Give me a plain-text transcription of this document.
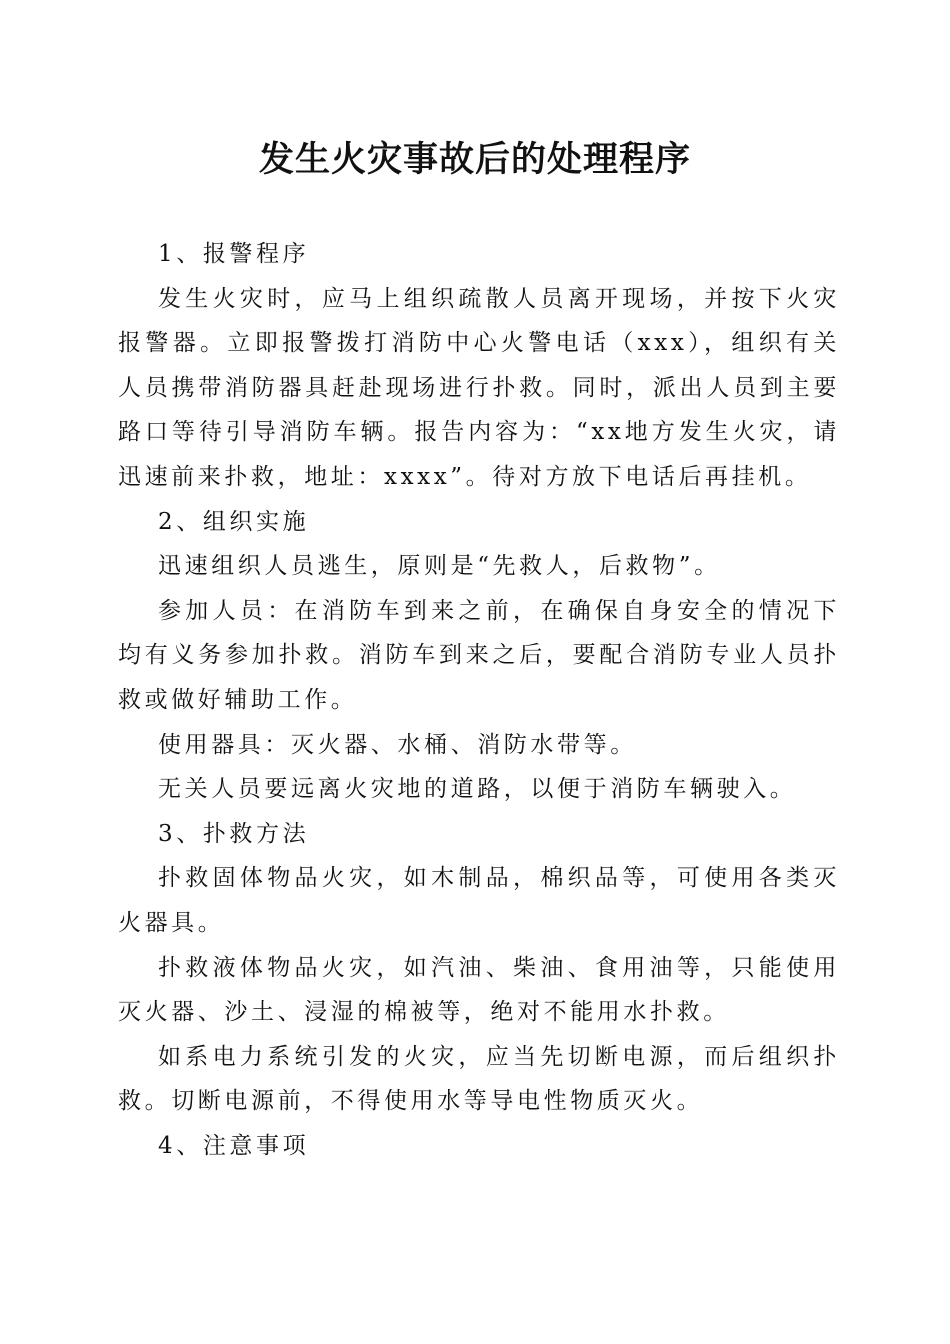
发生火灾事故后的处理程序

1、报警程序

发生火灾时，应马上组织疏散人员离开现场，并按下火灾报警器。立即报警拨打消防中心火警电话（xxx），组织有关人员携带消防器具赶赴现场进行扑救。同时，派出人员到主要路口等待引导消防车辆。报告内容为：“xx地方发生火灾，请迅速前来扑救，地址：xxxx”。待对方放下电话后再挂机。

2、组织实施

迅速组织人员逃生，原则是“先救人，后救物”。

参加人员：在消防车到来之前，在确保自身安全的情况下均有义务参加扑救。消防车到来之后，要配合消防专业人员扑救或做好辅助工作。

使用器具：灭火器、水桶、消防水带等。

无关人员要远离火灾地的道路，以便于消防车辆驶入。

3、扑救方法

扑救固体物品火灾，如木制品，棉织品等，可使用各类灭火器具。

扑救液体物品火灾，如汽油、柴油、食用油等，只能使用灭火器、沙土、浸湿的棉被等，绝对不能用水扑救。

如系电力系统引发的火灾，应当先切断电源，而后组织扑救。切断电源前，不得使用水等导电性物质灭火。

4、注意事项
